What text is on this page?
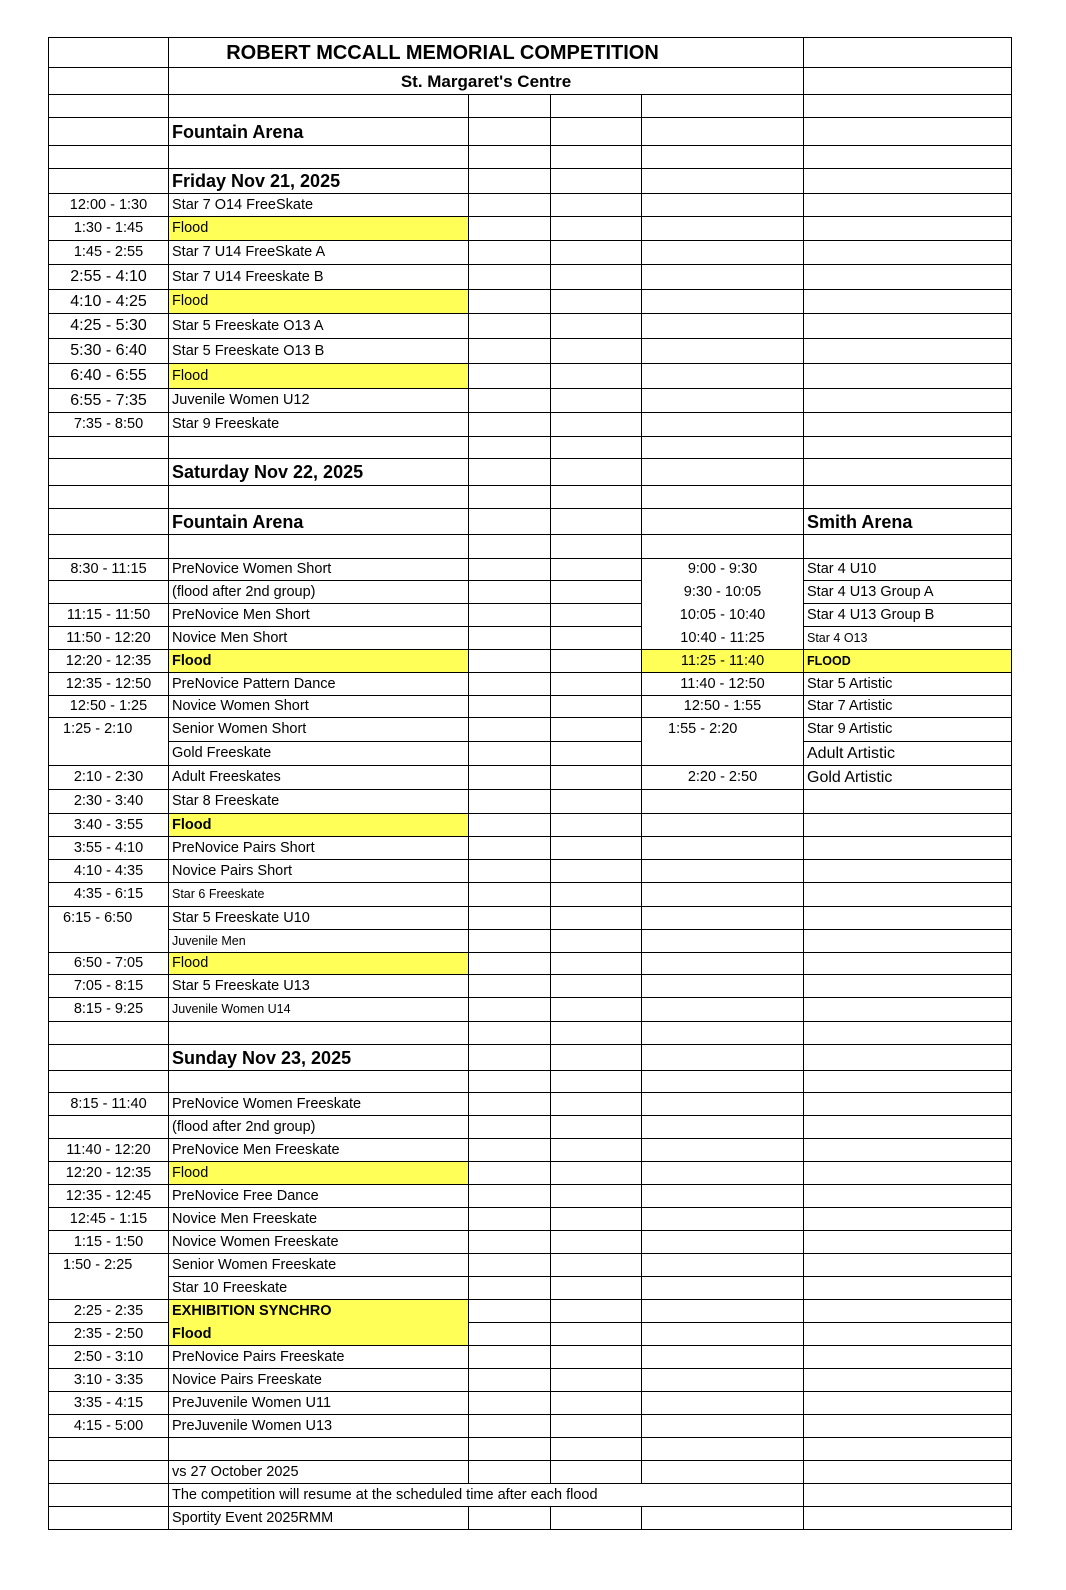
	ROBERT MCCALL MEMORIAL COMPETITION				
	St. Margaret's Centre				

	Fountain Arena				

	Friday Nov 21, 2025				
12:00 - 1:30	Star 7 O14 FreeSkate				
1:30 - 1:45	Flood				
1:45 - 2:55	Star 7 U14 FreeSkate A				
2:55 - 4:10	Star 7 U14 Freeskate B				
4:10 - 4:25	Flood				
4:25 - 5:30	Star 5 Freeskate O13 A				
5:30 - 6:40	Star 5 Freeskate O13 B				
6:40 - 6:55	Flood				
6:55 - 7:35	Juvenile Women U12				
7:35 - 8:50	Star 9 Freeskate				

	Saturday Nov 22, 2025				

	Fountain Arena				Smith Arena

8:30 - 11:15	PreNovice Women Short			9:00 - 9:30	Star 4 U10
	(flood after 2nd group)			9:30 - 10:05	Star 4 U13 Group A
11:15 - 11:50	PreNovice Men Short			10:05 - 10:40	Star 4 U13 Group B
11:50 - 12:20	Novice Men Short			10:40 - 11:25	Star 4 O13
12:20 - 12:35	Flood			11:25 - 11:40	FLOOD
12:35 - 12:50	PreNovice Pattern Dance			11:40 - 12:50	Star 5 Artistic
12:50 - 1:25	Novice Women Short			12:50 - 1:55	Star 7 Artistic
1:25 - 2:10	Senior Women Short			1:55 - 2:20	Star 9 Artistic
	Gold Freeskate				Adult Artistic
2:10 - 2:30	Adult Freeskates			2:20 - 2:50	Gold Artistic
2:30 - 3:40	Star 8 Freeskate				
3:40 - 3:55	Flood				
3:55 - 4:10	PreNovice Pairs Short				
4:10 - 4:35	Novice Pairs Short				
4:35 - 6:15	Star 6 Freeskate				
6:15 - 6:50	Star 5 Freeskate U10				
	Juvenile Men				
6:50 - 7:05	Flood				
7:05 - 8:15	Star 5 Freeskate U13				
8:15 - 9:25	Juvenile Women U14				

	Sunday Nov 23, 2025				

8:15 - 11:40	PreNovice Women Freeskate				
	(flood after 2nd group)				
11:40 - 12:20	PreNovice Men Freeskate				
12:20 - 12:35	Flood				
12:35 - 12:45	PreNovice Free Dance				
12:45 - 1:15	Novice Men Freeskate				
1:15 - 1:50	Novice Women Freeskate				
1:50 - 2:25	Senior Women Freeskate				
	Star 10 Freeskate				
2:25 - 2:35	EXHIBITION SYNCHRO				
2:35 - 2:50	Flood				
2:50 - 3:10	PreNovice Pairs Freeskate				
3:10 - 3:35	Novice Pairs Freeskate				
3:35 - 4:15	PreJuvenile Women U11				
4:15 - 5:00	PreJuvenile Women U13				

	vs 27 October 2025				
	The competition will resume at the scheduled time after each flood				
	Sportity Event 2025RMM				
